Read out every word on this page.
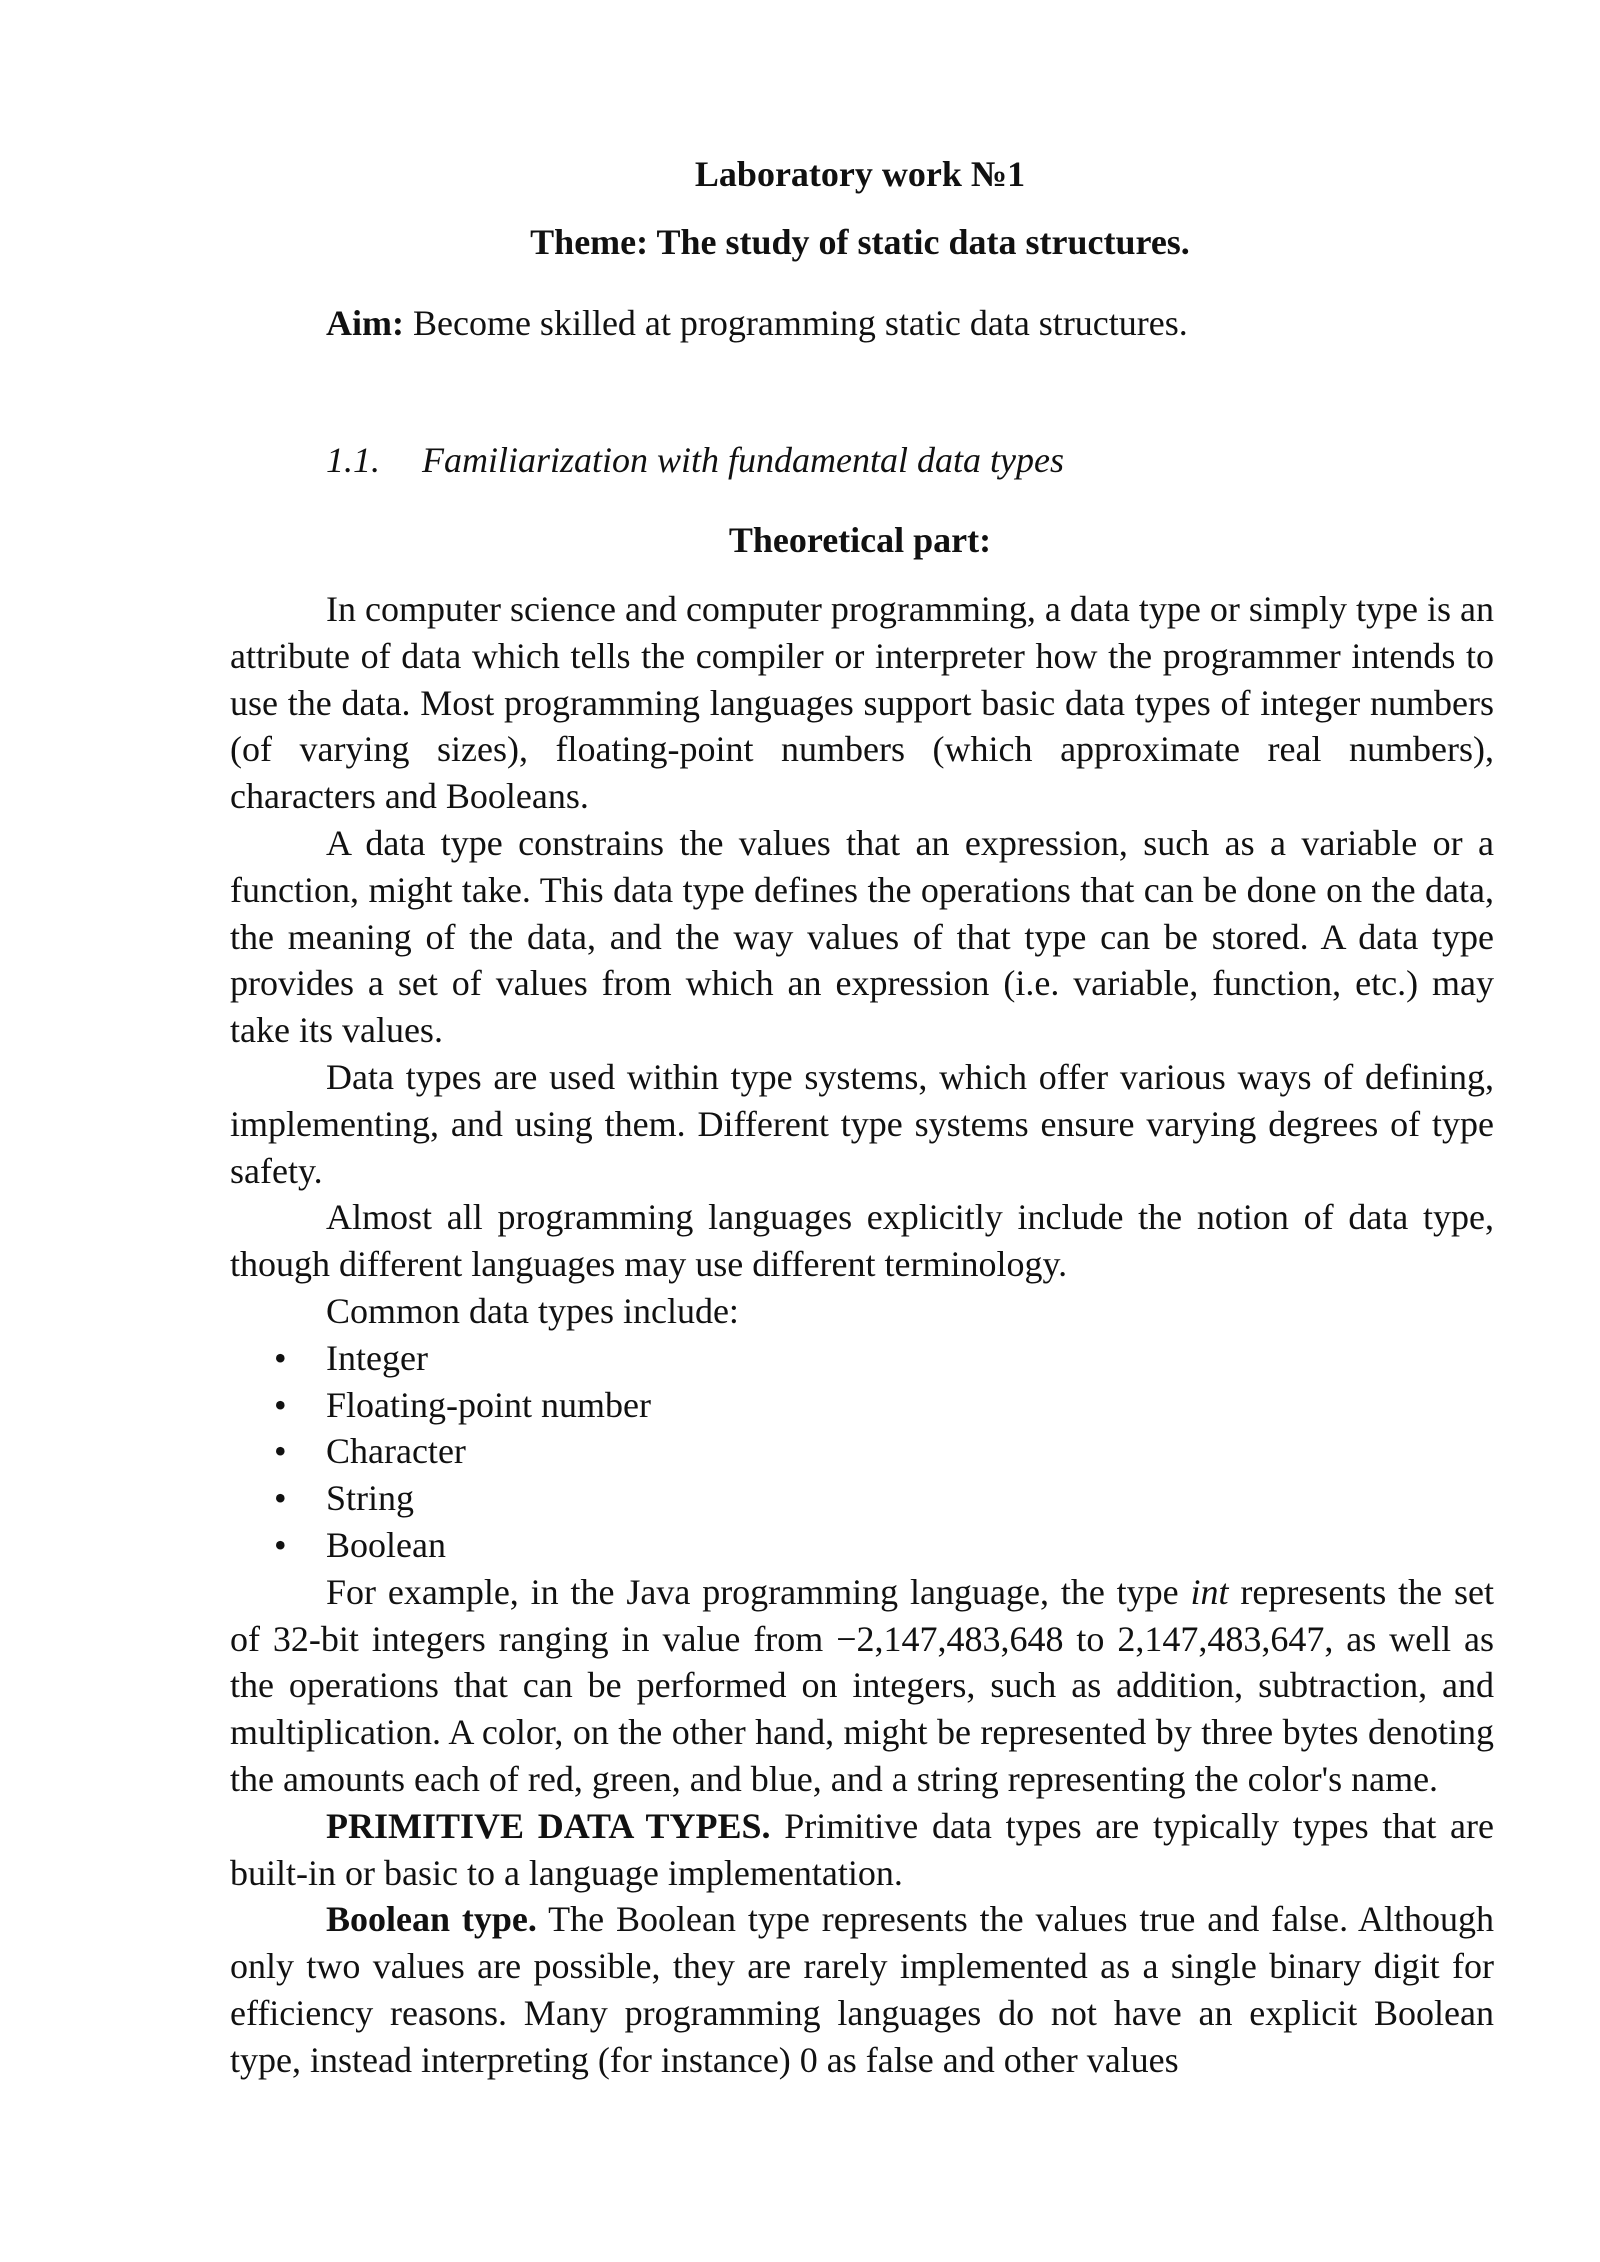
Laboratory work №1

Theme: The study of static data structures.

Aim: Become skilled at programming static data structures.

1.1. Familiarization with fundamental data types

Theoretical part:

In computer science and computer programming, a data type or simply type is an attribute of data which tells the compiler or interpreter how the programmer intends to use the data. Most programming languages support basic data types of integer numbers (of varying sizes), floating-point numbers (which approximate real numbers), characters and Booleans.

A data type constrains the values that an expression, such as a variable or a function, might take. This data type defines the operations that can be done on the data, the meaning of the data, and the way values of that type can be stored. A data type provides a set of values from which an expression (i.e. variable, function, etc.) may take its values.

Data types are used within type systems, which offer various ways of defining, implementing, and using them. Different type systems ensure varying degrees of type safety.

Almost all programming languages explicitly include the notion of data type, though different languages may use different terminology.

Common data types include:

• Integer
• Floating-point number
• Character
• String
• Boolean

For example, in the Java programming language, the type int represents the set of 32-bit integers ranging in value from −2,147,483,648 to 2,147,483,647, as well as the operations that can be performed on integers, such as addition, subtraction, and multiplication. A color, on the other hand, might be represented by three bytes denoting the amounts each of red, green, and blue, and a string representing the color's name.

PRIMITIVE DATA TYPES. Primitive data types are typically types that are built-in or basic to a language implementation.

Boolean type. The Boolean type represents the values true and false. Although only two values are possible, they are rarely implemented as a single binary digit for efficiency reasons. Many programming languages do not have an explicit Boolean type, instead interpreting (for instance) 0 as false and other values
